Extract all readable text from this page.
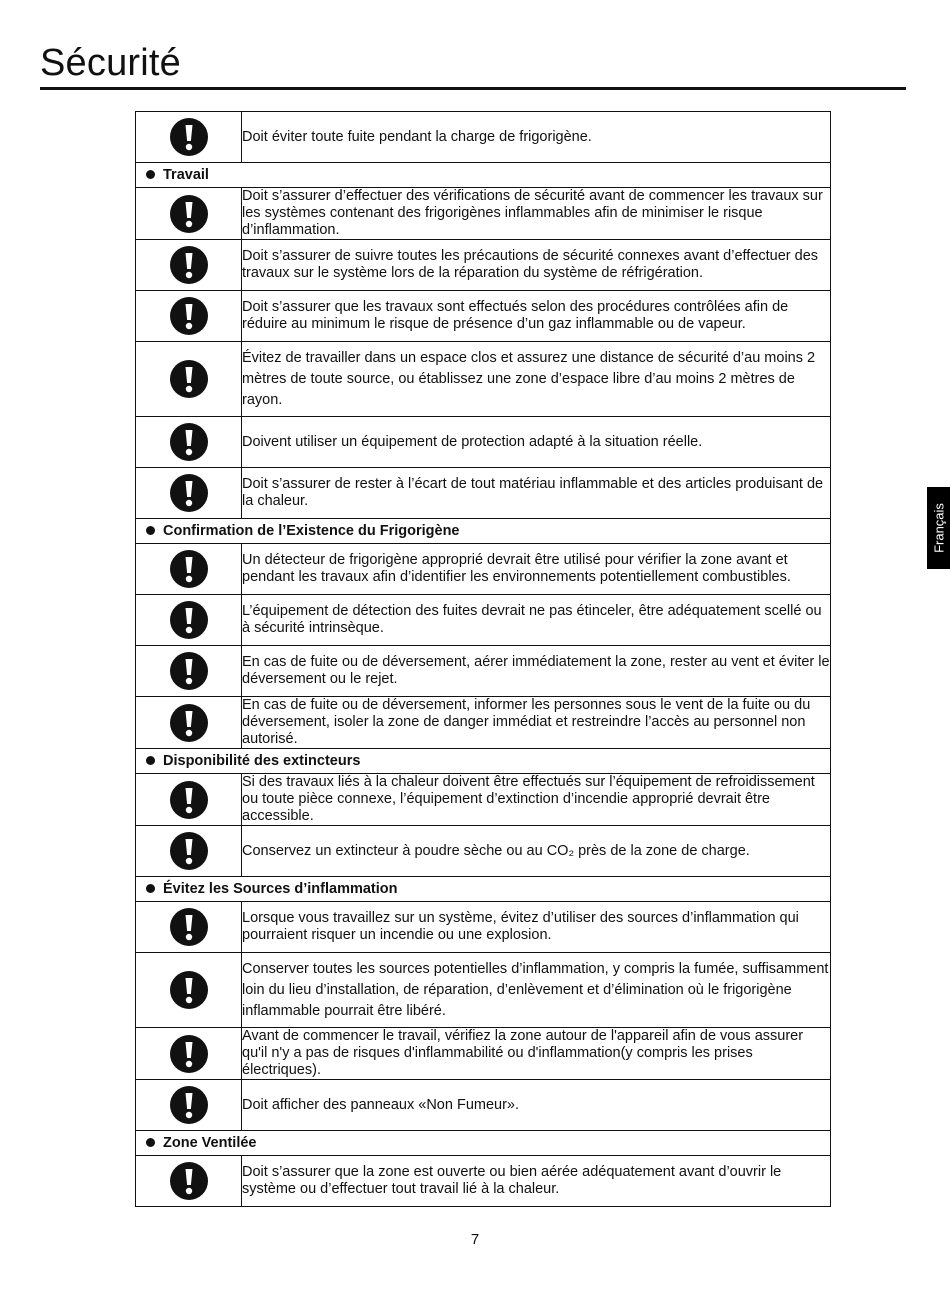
Sécurité
Français
	Doit éviter toute fuite pendant la charge de frigorigène.
Travail	
	Doit s’assurer d’effectuer des vérifications de sécurité avant de commencer les travaux sur les systèmes contenant des frigorigènes inflammables afin de minimiser le risque d’inflammation.
	Doit s’assurer de suivre toutes les précautions de sécurité connexes avant d’effectuer des travaux sur le système lors de la réparation du système de réfrigération.
	Doit s’assurer que les travaux sont effectués selon des procédures contrôlées afin de réduire au minimum le risque de présence d’un gaz inflammable ou de vapeur.
	Évitez de travailler dans un espace clos et assurez une distance de sécurité d’au moins 2 mètres de toute source, ou établissez une zone d’espace libre d’au moins 2 mètres de rayon.
	Doivent utiliser un équipement de protection adapté à la situation réelle.
	Doit s’assurer de rester à l’écart de tout matériau inflammable et des articles produisant de la chaleur.
Confirmation de l’Existence du Frigorigène	
	Un détecteur de frigorigène approprié devrait être utilisé pour vérifier la zone avant et pendant les travaux afin d’identifier les environnements potentiellement combustibles.
	L’équipement de détection des fuites devrait ne pas étinceler, être adéquatement scellé ou à sécurité intrinsèque.
	En cas de fuite ou de déversement, aérer immédiatement la zone, rester au vent et éviter le déversement ou le rejet.
	En cas de fuite ou de déversement, informer les personnes sous le vent de la fuite ou du déversement, isoler la zone de danger immédiat et restreindre l’accès au personnel non autorisé.
Disponibilité des extincteurs	
	Si des travaux liés à la chaleur doivent être effectués sur l’équipement de refroidissement ou toute pièce connexe, l’équipement d’extinction d’incendie approprié devrait être accessible.
	Conservez un extincteur à poudre sèche ou au CO₂ près de la zone de charge.
Évitez les Sources d’inflammation	
	Lorsque vous travaillez sur un système, évitez d’utiliser des sources d’inflammation qui pourraient risquer un incendie ou une explosion.
	Conserver toutes les sources potentielles d’inflammation, y compris la fumée, suffisamment loin du lieu d’installation, de réparation, d’enlèvement et d’élimination où le frigorigène inflammable pourrait être libéré.
	Avant de commencer le travail, vérifiez la zone autour de l'appareil afin de vous assurer qu'il n'y a pas de risques d'inflammabilité ou d'inflammation(y compris les prises électriques).
	Doit afficher des panneaux «Non Fumeur».
Zone Ventilée	
	Doit s’assurer que la zone est ouverte ou bien aérée adéquatement avant d’ouvrir le système ou d’effectuer tout travail lié à la chaleur.
7
